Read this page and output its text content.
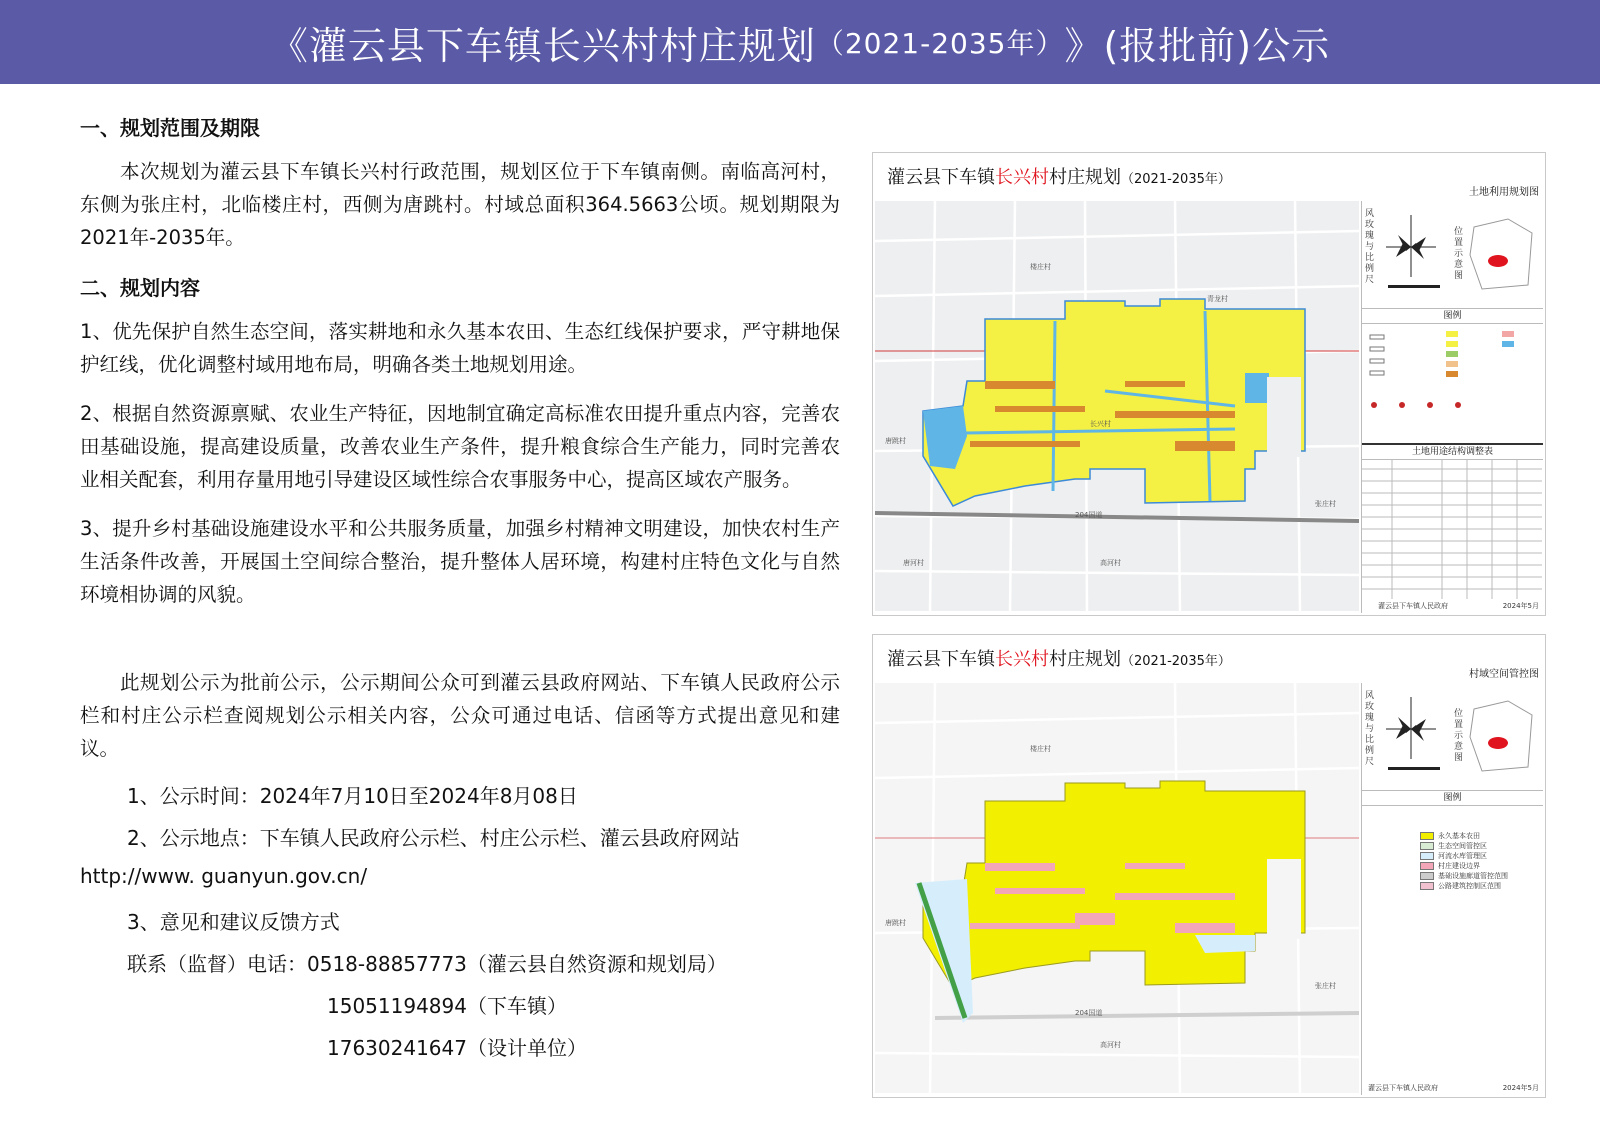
《灌云县下车镇长兴村村庄规划 （2021-2035年） 》(报批前)公示

一、规划范围及期限

本次规划为灌云县下车镇长兴村行政范围，规划区位于下车镇南侧。南临高河村，东侧为张庄村，北临楼庄村，西侧为唐跳村。村域总面积364.5663公顷。规划期限为2021年-2035年。

二、规划内容

1、优先保护自然生态空间，落实耕地和永久基本农田、生态红线保护要求，严守耕地保护红线，优化调整村域用地布局，明确各类土地规划用途。

2、根据自然资源禀赋、农业生产特征，因地制宜确定高标准农田提升重点内容，完善农田基础设施，提高建设质量，改善农业生产条件，提升粮食综合生产能力，同时完善农业相关配套，利用存量用地引导建设区域性综合农事服务中心，提高区域农产服务。

3、提升乡村基础设施建设水平和公共服务质量，加强乡村精神文明建设，加快农村生产生活条件改善，开展国土空间综合整治，提升整体人居环境，构建村庄特色文化与自然环境相协调的风貌。

此规划公示为批前公示，公示期间公众可到灌云县政府网站、下车镇人民政府公示栏和村庄公示栏查阅规划公示相关内容，公众可通过电话、信函等方式提出意见和建议。

1、公示时间：2024年7月10日至2024年8月08日
2、公示地点：下车镇人民政府公示栏、村庄公示栏、灌云县政府网站
http://www. guanyun.gov.cn/
3、意见和建议反馈方式
联系（监督）电话：0518-88857773（灌云县自然资源和规划局）
15051194894（下车镇）
17630241647（设计单位）
灌云县下车镇长兴村村庄规划（2021-2035年）
土地利用规划图
楼庄村
青龙村
唐跳村
长兴村
张庄村
204国道
唐河村	高河村
风玫瑰与比例尺
位置示意图
图例
土地用途结构调整表
灌云县下车镇人民政府	2024年5月
灌云县下车镇长兴村村庄规划（2021-2035年）
村域空间管控图
楼庄村
唐跳村
张庄村
204国道
高河村
风玫瑰与比例尺
位置示意图
图例
永久基本农田
生态空间管控区
河流水库管理区
村庄建设边界
基础设施廊道管控范围
公路建筑控制区范围
灌云县下车镇人民政府	2024年5月
